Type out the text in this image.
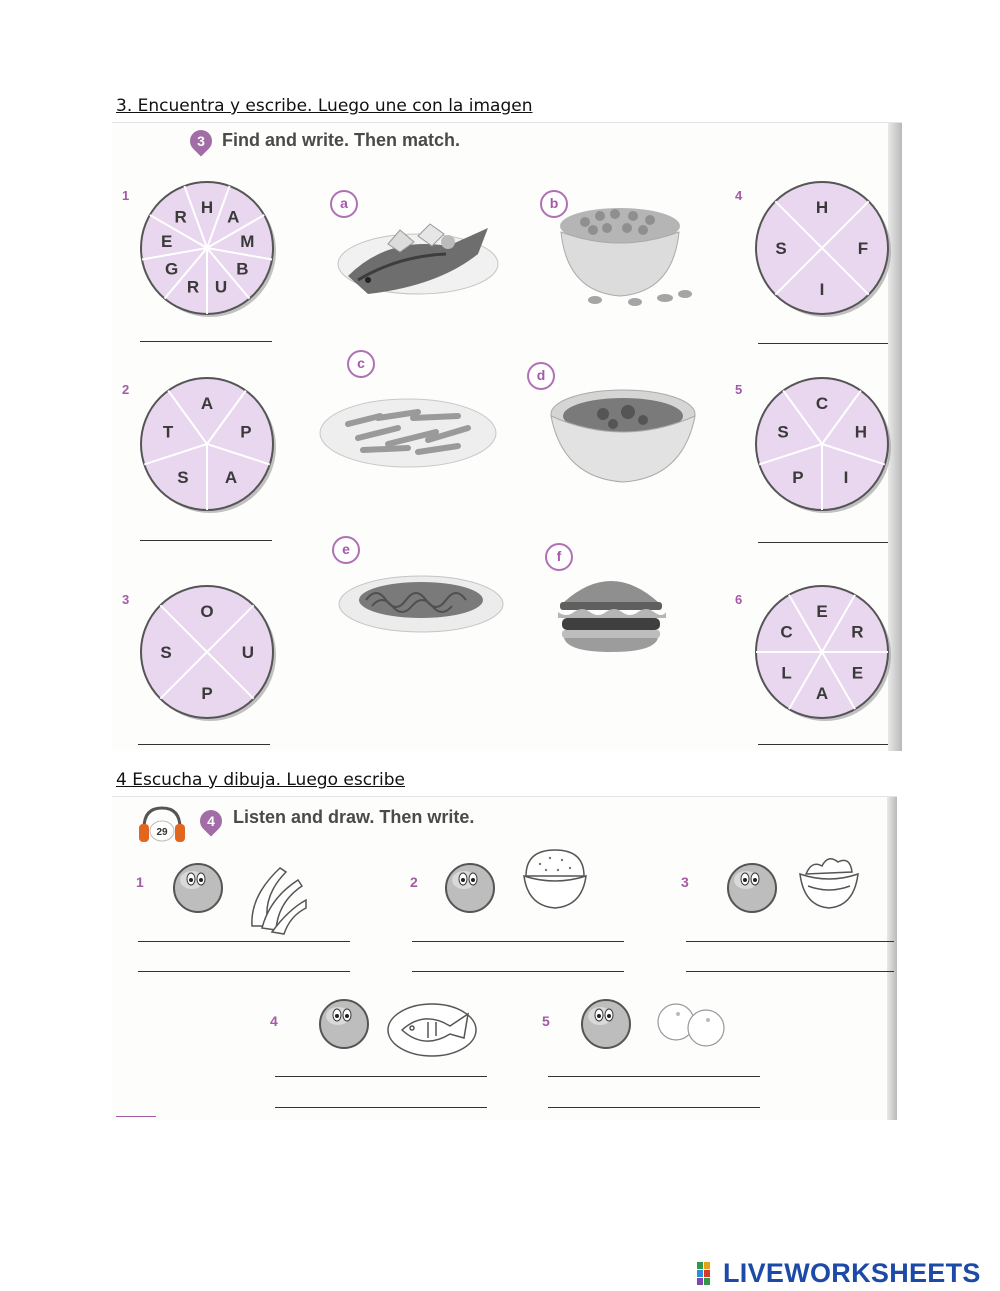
3. Encuentra y escribe. Luego une con la imagen
3 Find and write. Then match.
1
2
3
4
5
6
H
A
M
B
U
R
G
E
R
A
P
A
S
T
O
U
P
S
H
F
I
S
C
H
I
P
S
E
R
E
A
L
C
a	b
c
d
e	f
4 Escucha y dibuja. Luego escribe
29
4	Listen and draw. Then write.
1	2	3
4	5
LIVEWORKSHEETS
